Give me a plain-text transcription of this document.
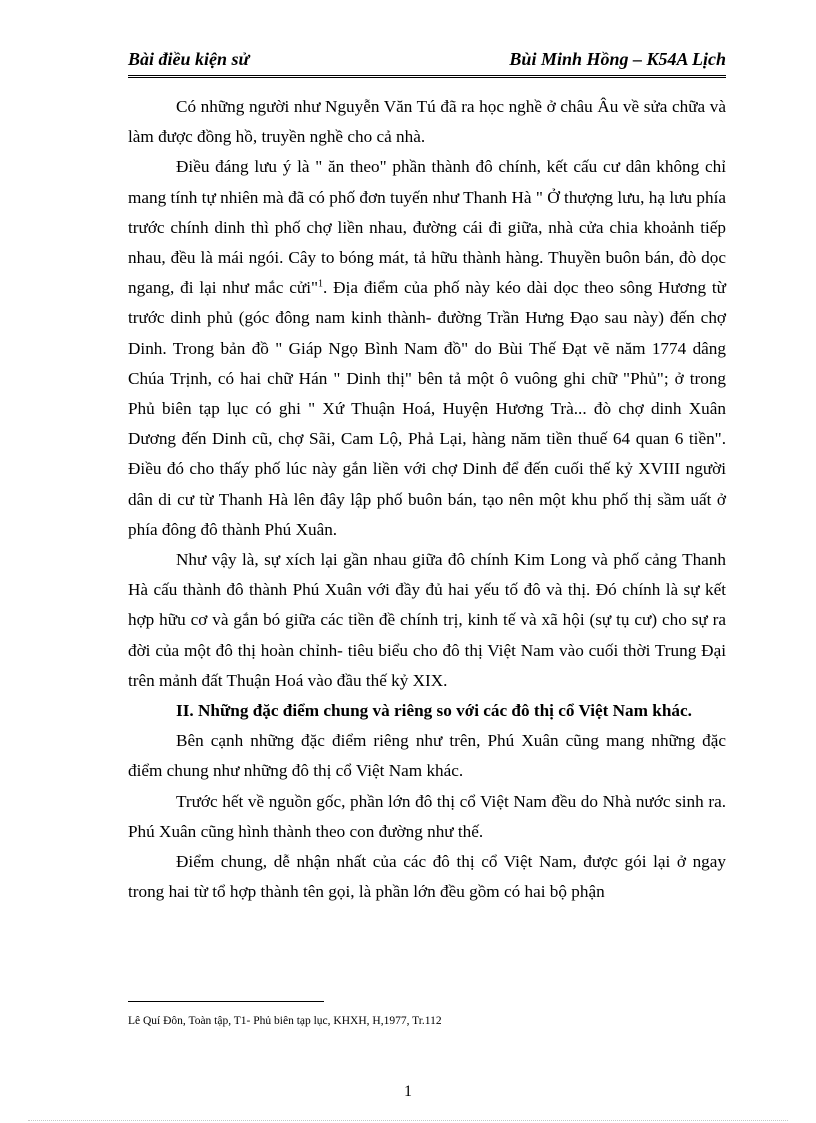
Bài điều kiện sử	Bùi Minh Hồng – K54A Lịch

Có những người như Nguyễn Văn Tú đã ra học nghề ở châu Âu về sửa chữa và làm được đồng hồ, truyền nghề cho cả nhà.

Điều đáng lưu ý là " ăn theo" phần thành đô chính, kết cấu cư dân không chỉ mang tính tự nhiên mà đã có phố đơn tuyến như Thanh Hà " Ở thượng lưu, hạ lưu phía trước chính dinh thì phố chợ liền nhau, đường cái đi giữa, nhà cửa chia khoảnh tiếp nhau, đều là mái ngói. Cây to bóng mát, tả hữu thành hàng. Thuyền buôn bán, đò dọc ngang, đi lại như mắc cửi"$^1$. Địa điểm của phố này kéo dài dọc theo sông Hương từ trước dinh phủ (góc đông nam kinh thành- đường Trần Hưng Đạo sau này) đến chợ Dinh. Trong bản đồ " Giáp Ngọ Bình Nam đồ" do Bùi Thế Đạt vẽ năm 1774 dâng Chúa Trịnh, có hai chữ Hán " Dinh thị" bên tả một ô vuông ghi chữ "Phủ"; ở trong Phủ biên tạp lục có ghi " Xứ Thuận Hoá, Huyện Hương Trà... đò chợ dinh Xuân Dương đến Dinh cũ, chợ Sãi, Cam Lộ, Phả Lại, hàng năm tiền thuế 64 quan 6 tiền". Điều đó cho thấy phố lúc này gắn liền với chợ Dinh để đến cuối thế kỷ XVIII người dân di cư từ Thanh Hà lên đây lập phố buôn bán, tạo nên một khu phố thị sầm uất ở phía đông đô thành Phú Xuân.

Như vậy là, sự xích lại gần nhau giữa đô chính Kim Long và phố cảng Thanh Hà cấu thành đô thành Phú Xuân với đầy đủ hai yếu tố đô và thị. Đó chính là sự kết hợp hữu cơ và gắn bó giữa các tiền đề chính trị, kinh tế và xã hội (sự tụ cư) cho sự ra đời của một đô thị hoàn chỉnh- tiêu biểu cho đô thị Việt Nam vào cuối thời Trung Đại trên mảnh đất Thuận Hoá vào đầu thế kỷ XIX.

II. Những đặc điểm chung và riêng so với các đô thị cổ Việt Nam khác.

Bên cạnh những đặc điểm riêng như trên, Phú Xuân cũng mang những đặc điểm chung như những đô thị cổ Việt Nam khác.

Trước hết về nguồn gốc, phần lớn đô thị cổ Việt Nam đều do Nhà nước sinh ra. Phú Xuân cũng hình thành theo con đường như thế.

Điểm chung, dễ nhận nhất của các đô thị cổ Việt Nam, được gói lại ở ngay trong hai từ tổ hợp thành tên gọi, là phần lớn đều gồm có hai bộ phận

Lê Quí Đôn, Toàn tập, T1- Phủ biên tạp lục, KHXH, H,1977, Tr.112
1
